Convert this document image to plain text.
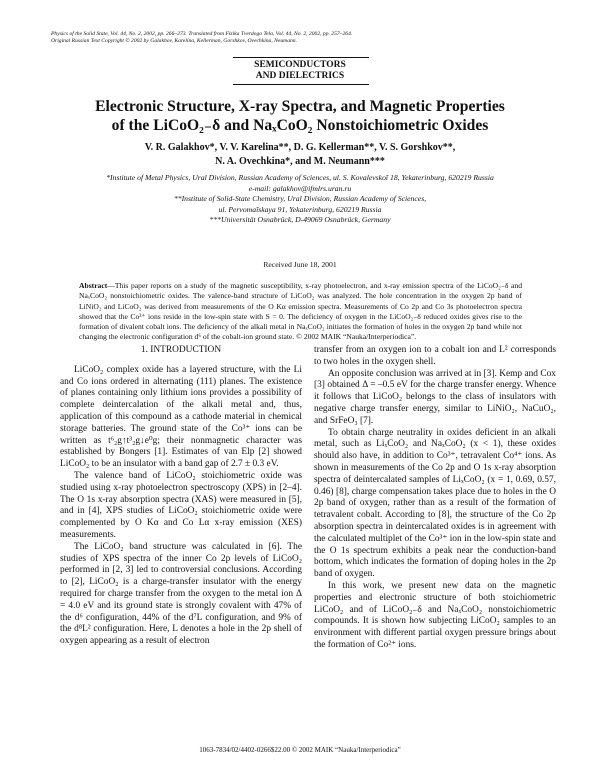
Physics of the Solid State, Vol. 44, No. 2, 2002, pp. 266–273. Translated from Fizika Tverdogo Tela, Vol. 44, No. 2, 2002, pp. 257–264.
Original Russian Text Copyright © 2002 by Galakhov, Karelina, Kellerman, Gorshkov, Ovechkina, Neumann.
SEMICONDUCTORS
AND DIELECTRICS
Electronic Structure, X-ray Spectra, and Magnetic Properties
of the LiCoO₂₋δ and NaₓCoO₂ Nonstoichiometric Oxides
V. R. Galakhov*, V. V. Karelina**, D. G. Kellerman**, V. S. Gorshkov**,
N. A. Ovechkina*, and M. Neumann***
*Institute of Metal Physics, Ural Division, Russian Academy of Sciences, ul. S. Kovalevskoĭ 18, Yekaterinburg, 620219 Russia
e-mail: galakhov@ifmlrs.uran.ru
**Institute of Solid-State Chemistry, Ural Division, Russian Academy of Sciences,
ul. Pervomaĭskaya 91, Yekaterinburg, 620219 Russia
***Universität Osnabrück, D-49069 Osnabrück, Germany
Received June 18, 2001
Abstract—This paper reports on a study of the magnetic susceptibility, x-ray photoelectron, and x-ray emission spectra of the LiCoO₂₋δ and NaₓCoO₂ nonstoichiometric oxides. The valence-band structure of LiCoO₂ was analyzed. The hole concentration in the oxygen 2p band of LiNiO₂ and LiCoO₂ was derived from measurements of the O Kα emission spectra. Measurements of Co 2p and Co 3s photoelectron spectra showed that the Co³⁺ ions reside in the low-spin state with S = 0. The deficiency of oxygen in the LiCoO₂₋δ reduced oxides gives rise to the formation of divalent cobalt ions. The deficiency of the alkali metal in NaₓCoO₂ initiates the formation of holes in the oxygen 2p band while not changing the electronic configuration d⁶ of the cobalt-ion ground state. © 2002 MAIK “Nauka/Interperiodica”.

1. INTRODUCTION

LiCoO₂ complex oxide has a layered structure, with the Li and Co ions ordered in alternating (111) planes. The existence of planes containing only lithium ions provides a possibility of complete deintercalation of the alkali metal and, thus, application of this compound as a cathode material in chemical storage batteries. The ground state of the Co³⁺ ions can be written as t⁶₂g↑t³₂g↓e⁰g; their nonmagnetic character was established by Bongers [1]. Estimates of van Elp [2] showed LiCoO₂ to be an insulator with a band gap of 2.7 ± 0.3 eV.

The valence band of LiCoO₂ stoichiometric oxide was studied using x-ray photoelectron spectroscopy (XPS) in [2–4]. The O 1s x-ray absorption spectra (XAS) were measured in [5], and in [4], XPS studies of LiCoO₂ stoichiometric oxide were complemented by O Kα and Co Lα x-ray emission (XES) measurements.

The LiCoO₂ band structure was calculated in [6]. The studies of XPS spectra of the inner Co 2p levels of LiCoO₂ performed in [2, 3] led to controversial conclusions. According to [2], LiCoO₂ is a charge-transfer insulator with the energy required for charge transfer from the oxygen to the metal ion Δ = 4.0 eV and its ground state is strongly covalent with 47% of the d⁶ configuration, 44% of the d⁷L configuration, and 9% of the d⁸L² configuration. Here, L denotes a hole in the 2p shell of oxygen appearing as a result of electron

transfer from an oxygen ion to a cobalt ion and L² corresponds to two holes in the oxygen shell.

An opposite conclusion was arrived at in [3]. Kemp and Cox [3] obtained Δ = –0.5 eV for the charge transfer energy. Whence it follows that LiCoO₂ belongs to the class of insulators with negative charge transfer energy, similar to LiNiO₂, NaCuO₂, and SrFeO₃ [7].

To obtain charge neutrality in oxides deficient in an alkali metal, such as LiₓCoO₂ and NaₓCoO₂ (x < 1), these oxides should also have, in addition to Co³⁺, tetravalent Co⁴⁺ ions. As shown in measurements of the Co 2p and O 1s x-ray absorption spectra of deintercalated samples of LiₓCoO₂ (x = 1, 0.69, 0.57, 0.46) [8], charge compensation takes place due to holes in the O 2p band of oxygen, rather than as a result of the formation of tetravalent cobalt. According to [8], the structure of the Co 2p absorption spectra in deintercalated oxides is in agreement with the calculated multiplet of the Co³⁺ ion in the low-spin state and the O 1s spectrum exhibits a peak near the conduction-band bottom, which indicates the formation of doping holes in the 2p band of oxygen.

In this work, we present new data on the magnetic properties and electronic structure of both stoichiometric LiCoO₂ and of LiCoO₂₋δ and NaₓCoO₂ nonstoichiometric compounds. It is shown how subjecting LiCoO₂ samples to an environment with different partial oxygen pressure brings about the formation of Co²⁺ ions.

1063-7834/02/4402-0266$22.00 © 2002 MAIK “Nauka/Interperiodica”
